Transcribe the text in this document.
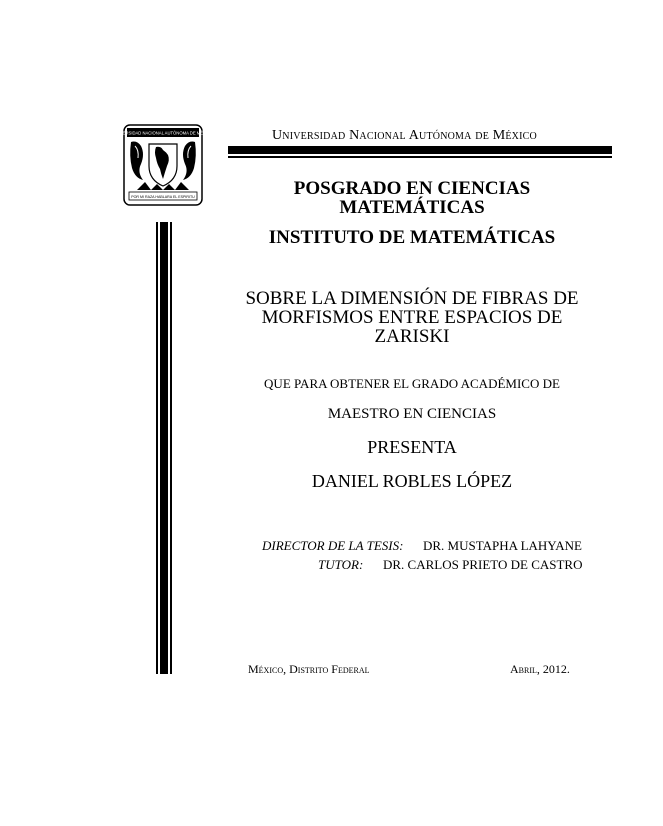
UNIVERSIDAD NACIONAL AUTÓNOMA DE MÉXICO
POR MI RAZA HABLARA EL ESPIRITU
Universidad Nacional Autónoma de México
POSGRADO EN CIENCIAS
MATEMÁTICAS
INSTITUTO DE MATEMÁTICAS
SOBRE LA DIMENSIÓN DE FIBRAS DE
MORFISMOS ENTRE ESPACIOS DE
ZARISKI
QUE PARA OBTENER EL GRADO ACADÉMICO DE
MAESTRO EN CIENCIAS
PRESENTA
DANIEL ROBLES LÓPEZ
DIRECTOR DE LA TESIS: DR. MUSTAPHA LAHYANE
TUTOR: DR. CARLOS PRIETO DE CASTRO
México, Distrito Federal	Abril, 2012.
